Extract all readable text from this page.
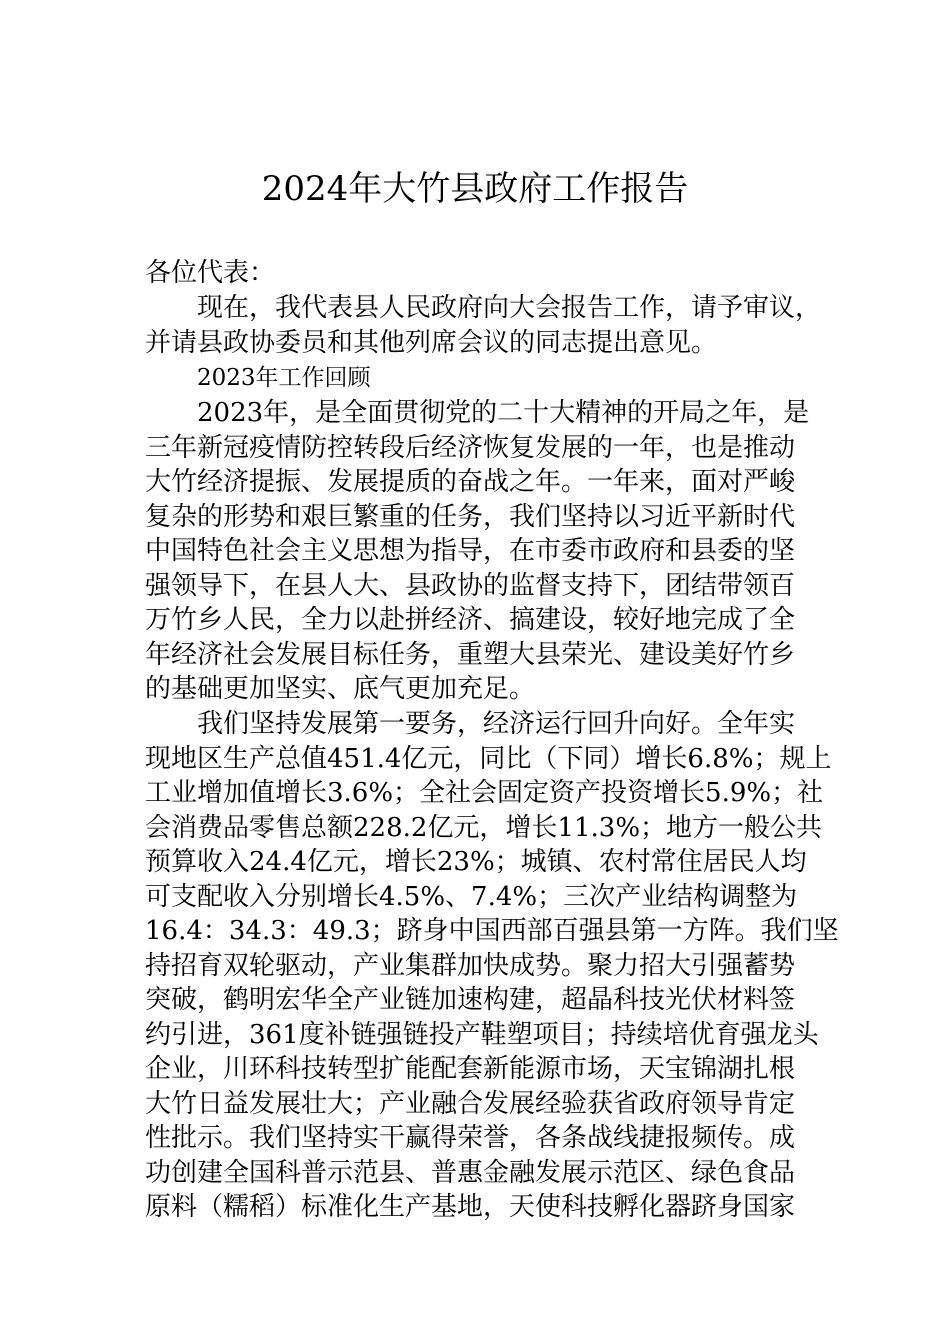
2024年大竹县政府工作报告

各位代表：

现在，我代表县人民政府向大会报告工作，请予审议，
并请县政协委员和其他列席会议的同志提出意见。

2023年工作回顾

2023年，是全面贯彻党的二十大精神的开局之年，是
三年新冠疫情防控转段后经济恢复发展的一年，也是推动
大竹经济提振、发展提质的奋战之年。一年来，面对严峻
复杂的形势和艰巨繁重的任务，我们坚持以习近平新时代
中国特色社会主义思想为指导，在市委市政府和县委的坚
强领导下，在县人大、县政协的监督支持下，团结带领百
万竹乡人民，全力以赴拼经济、搞建设，较好地完成了全
年经济社会发展目标任务，重塑大县荣光、建设美好竹乡
的基础更加坚实、底气更加充足。
我们坚持发展第一要务，经济运行回升向好。全年实
现地区生产总值451.4亿元，同比（下同）增长6.8%；规上
工业增加值增长3.6%；全社会固定资产投资增长5.9%；社
会消费品零售总额228.2亿元，增长11.3%；地方一般公共
预算收入24.4亿元，增长23%；城镇、农村常住居民人均
可支配收入分别增长4.5%、7.4%；三次产业结构调整为
16.4：34.3：49.3；跻身中国西部百强县第一方阵。我们坚
持招育双轮驱动，产业集群加快成势。聚力招大引强蓄势
突破，鹤明宏华全产业链加速构建，超晶科技光伏材料签
约引进，361度补链强链投产鞋塑项目；持续培优育强龙头
企业，川环科技转型扩能配套新能源市场，天宝锦湖扎根
大竹日益发展壮大；产业融合发展经验获省政府领导肯定
性批示。我们坚持实干赢得荣誉，各条战线捷报频传。成
功创建全国科普示范县、普惠金融发展示范区、绿色食品
原料（糯稻）标准化生产基地，天使科技孵化器跻身国家
